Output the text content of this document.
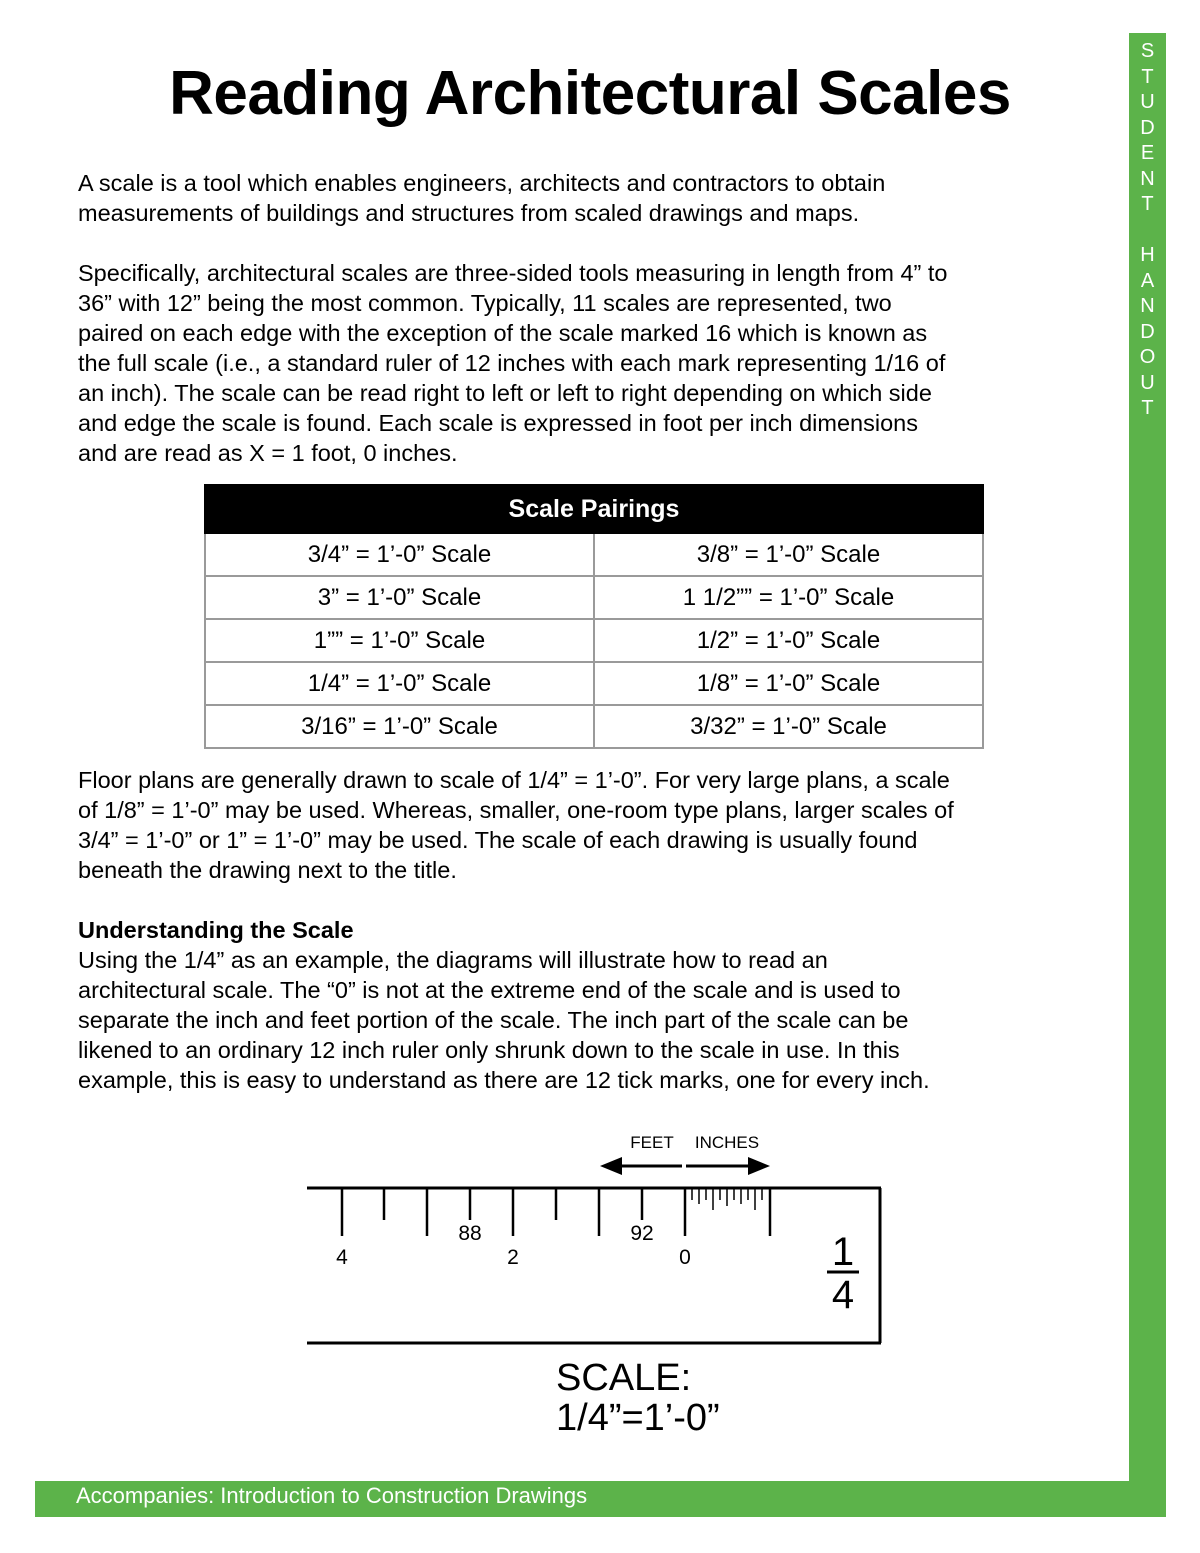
S
T
U
D
E
N
T

H
A
N
D
O
U
T
Reading Architectural Scales

A scale is a tool which enables engineers, architects and contractors to obtain
measurements of buildings and structures from scaled drawings and maps.

Specifically, architectural scales are three-sided tools measuring in length from 4” to
36” with 12” being the most common. Typically, 11 scales are represented, two
paired on each edge with the exception of the scale marked 16 which is known as
the full scale (i.e., a standard ruler of 12 inches with each mark representing 1/16 of
an inch). The scale can be read right to left or left to right depending on which side
and edge the scale is found. Each scale is expressed in foot per inch dimensions
and are read as X = 1 foot, 0 inches.

Scale Pairings	
3/4” = 1’-0” Scale	3/8” = 1’-0” Scale
3” = 1’-0” Scale	1 1/2”” = 1’-0” Scale
1”” = 1’-0” Scale	1/2” = 1’-0” Scale
1/4” = 1’-0” Scale	1/8” = 1’-0” Scale
3/16” = 1’-0” Scale	3/32” = 1’-0” Scale

Floor plans are generally drawn to scale of 1/4” = 1’-0”. For very large plans, a scale
of 1/8” = 1’-0” may be used. Whereas, smaller, one-room type plans, larger scales of
3/4” = 1’-0” or 1” = 1’-0” may be used. The scale of each drawing is usually found
beneath the drawing next to the title.

Understanding the Scale
Using the 1/4” as an example, the diagrams will illustrate how to read an
architectural scale. The “0” is not at the extreme end of the scale and is used to
separate the inch and feet portion of the scale. The inch part of the scale can be
likened to an ordinary 12 inch ruler only shrunk down to the scale in use. In this
example, this is easy to understand as there are 12 tick marks, one for every inch.

FEET INCHES
4
88
2
92
0	1
4
SCALE:
1/4”=1’-0”
Accompanies: Introduction to Construction Drawings	1
